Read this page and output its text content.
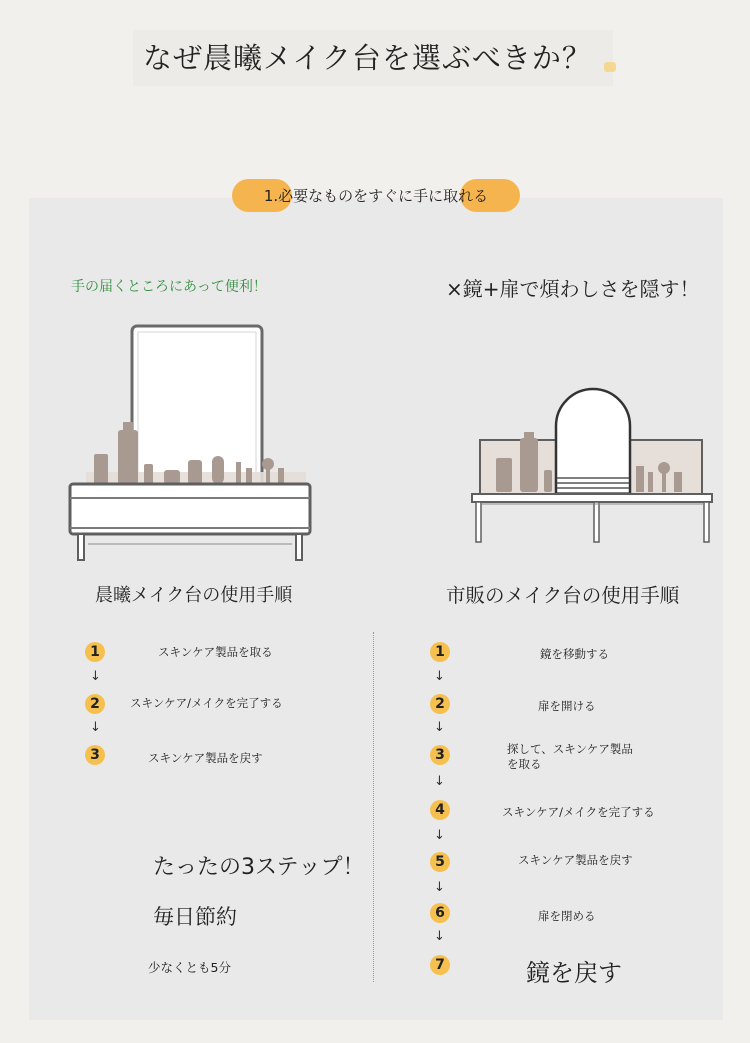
なぜ晨曦メイク台を選ぶべきか？
1.必要なものをすぐに手に取れる
手の届くところにあって便利！	×鏡+扉で煩わしさを隠す！
晨曦メイク台の使用手順	市販のメイク台の使用手順
1	スキンケア製品を取る
↓
2	スキンケア/メイクを完了する
↓
3	スキンケア製品を戻す
たったの3ステップ！
毎日節約
少なくとも5分
1	鏡を移動する
↓
2	扉を開ける
↓
3	探して、スキンケア製品
を取る
↓
4	スキンケア/メイクを完了する
↓
5	スキンケア製品を戻す
↓
6	扉を閉める
↓
7	鏡を戻す
